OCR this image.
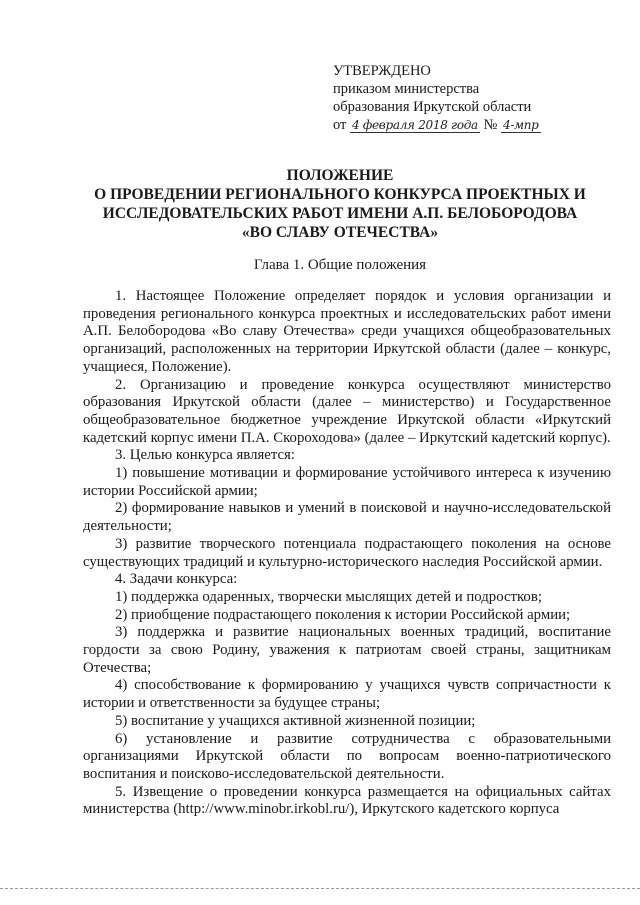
УТВЕРЖДЕНО
приказом министерства
образования Иркутской области
от 4 февраля 2018 года № 4-мпр
ПОЛОЖЕНИЕ
О ПРОВЕДЕНИИ РЕГИОНАЛЬНОГО КОНКУРСА ПРОЕКТНЫХ И
ИССЛЕДОВАТЕЛЬСКИХ РАБОТ ИМЕНИ А.П. БЕЛОБОРОДОВА
«ВО СЛАВУ ОТЕЧЕСТВА»
Глава 1. Общие положения

1. Настоящее Положение определяет порядок и условия организации и проведения регионального конкурса проектных и исследовательских работ имени А.П. Белобородова «Во славу Отечества» среди учащихся общеобразовательных организаций, расположенных на территории Иркутской области (далее – конкурс, учащиеся, Положение).

2. Организацию и проведение конкурса осуществляют министерство образования Иркутской области (далее – министерство) и Государственное общеобразовательное бюджетное учреждение Иркутской области «Иркутский кадетский корпус имени П.А. Скороходова» (далее – Иркутский кадетский корпус).

3. Целью конкурса является:

1) повышение мотивации и формирование устойчивого интереса к изучению истории Российской армии;

2) формирование навыков и умений в поисковой и научно-исследовательской деятельности;

3) развитие творческого потенциала подрастающего поколения на основе существующих традиций и культурно-исторического наследия Российской армии.

4. Задачи конкурса:

1) поддержка одаренных, творчески мыслящих детей и подростков;

2) приобщение подрастающего поколения к истории Российской армии;

3) поддержка и развитие национальных военных традиций, воспитание гордости за свою Родину, уважения к патриотам своей страны, защитникам Отечества;

4) способствование к формированию у учащихся чувств сопричастности к истории и ответственности за будущее страны;

5) воспитание у учащихся активной жизненной позиции;

6) установление и развитие сотрудничества с образовательными организациями Иркутской области по вопросам военно-патриотического воспитания и поисково-исследовательской деятельности.

5. Извещение о проведении конкурса размещается на официальных сайтах министерства (http://www.minobr.irkobl.ru/), Иркутского кадетского корпуса
